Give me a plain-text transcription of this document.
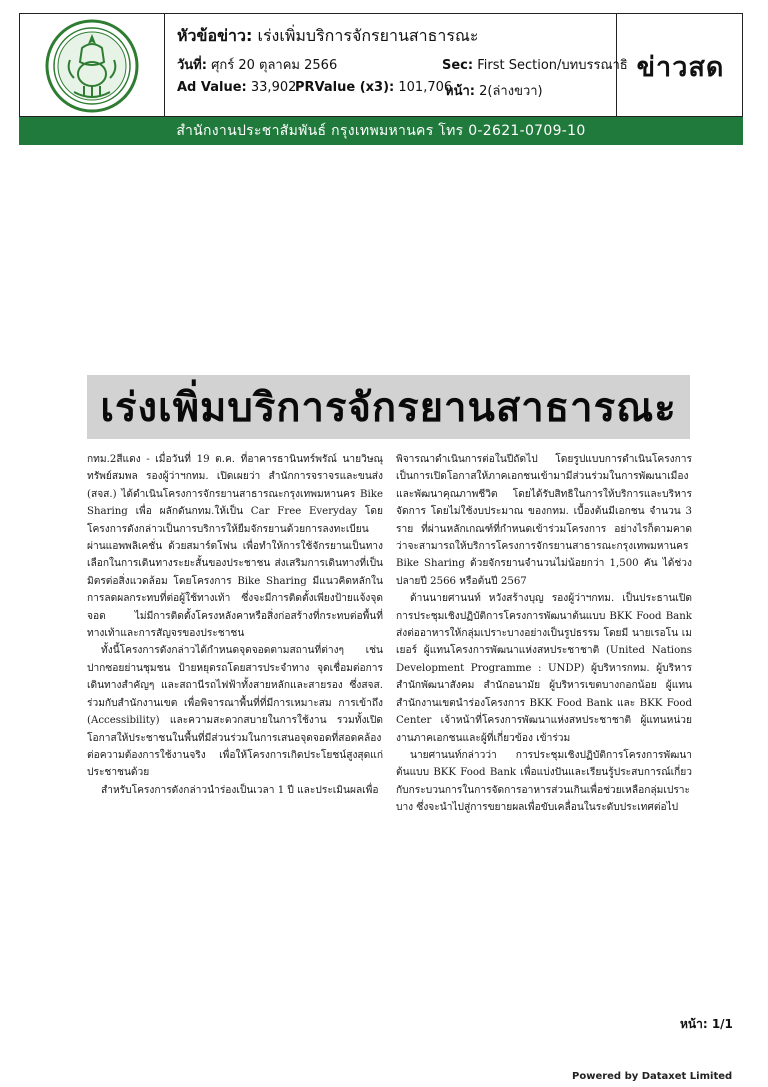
หัวข้อข่าว: เร่งเพิ่มบริการจักรยานสาธารณะ
วันที่: ศุกร์ 20 ตุลาคม 2566	Sec: First Section/บทบรรณาธิ
Ad Value: 33,902
PRValue (x3): 101,706
หน้า: 2(ล่างขวา)
ข่าวสด
สำนักงานประชาสัมพันธ์ กรุงเทพมหานคร โทร 0-2621-0709-10
เร่งเพิ่มบริการจักรยานสาธารณะ

กทม.2สีแดง - เมื่อวันที่ 19 ต.ค. ที่อาคารธานินทร์พรัณ์ นายวิษณุ ทรัพย์สมพล รองผู้ว่าฯกทม. เปิดเผยว่า สำนักการจราจรและขนส่ง (สจส.) ได้ดำเนินโครงการจักรยานสาธารณะกรุงเทพมหานคร Bike Sharing เพื่อ ผลักดันกทม.ให้เป็น Car Free Everyday โดยโครงการดังกล่าวเป็นการบริการให้ยืมจักรยานด้วยการลงทะเบียนผ่านแอพพลิเคชั่น ด้วยสมาร์ตโฟน เพื่อทำให้การใช้จักรยานเป็นทางเลือกในการเดินทางระยะสั้นของประชาชน ส่งเสริมการเดินทางที่เป็นมิตรต่อสิ่งแวดล้อม โดยโครงการ Bike Sharing มีแนวคิดหลักในการลดผลกระทบที่ต่อผู้ใช้ทางเท้า ซึ่งจะมีการติดตั้งเพียงป้ายแจ้งจุดจอด ไม่มีการติดตั้งโครงหลังคาหรือสิ่งก่อสร้างที่กระทบต่อพื้นที่ทางเท้าและการสัญจรของประชาชน

ทั้งนี้โครงการดังกล่าวได้กำหนดจุดจอดตามสถานที่ต่างๆ เช่น ปากซอยย่านชุมชน ป้ายหยุดรถโดยสารประจำทาง จุดเชื่อมต่อการเดินทางสำคัญๆ และสถานีรถไฟฟ้าทั้งสายหลักและสายรอง ซึ่งสจส. ร่วมกับสำนักงานเขต เพื่อพิจารณาพื้นที่ที่มีการเหมาะสม การเข้าถึง (Accessibility) และความสะดวกสบายในการใช้งาน รวมทั้งเปิดโอกาสให้ประชาชนในพื้นที่มีส่วนร่วมในการเสนอจุดจอดที่สอดคล้องต่อความต้องการใช้งานจริง เพื่อให้โครงการเกิดประโยชน์สูงสุดแก่ประชาชนด้วย

สำหรับโครงการดังกล่าวนำร่องเป็นเวลา 1 ปี และประเมินผลเพื่อ

พิจารณาดำเนินการต่อในปีถัดไป โดยรูปแบบการดำเนินโครงการเป็นการเปิดโอกาสให้ภาคเอกชนเข้ามามีส่วนร่วมในการพัฒนาเมืองและพัฒนาคุณภาพชีวิต โดยได้รับสิทธิในการให้บริการและบริหารจัดการ โดยไม่ใช้งบประมาณ ของกทม. เบื้องต้นมีเอกชน จำนวน 3 ราย ที่ผ่านหลักเกณฑ์ที่กำหนดเข้าร่วมโครงการ อย่างไรก็ตามคาดว่าจะสามารถให้บริการโครงการจักรยานสาธารณะกรุงเทพมหานคร Bike Sharing ด้วยจักรยานจำนวนไม่น้อยกว่า 1,500 คัน ได้ช่วงปลายปี 2566 หรือต้นปี 2567

ด้านนายศานนท์ หวังสร้างบุญ รองผู้ว่าฯกทม. เป็นประธานเปิดการประชุมเชิงปฏิบัติการโครงการพัฒนาต้นแบบ BKK Food Bank ส่งต่ออาหารให้กลุ่มเปราะบางอย่างเป็นรูปธรรม โดยมี นายเรอโน เมเยอร์ ผู้แทนโครงการพัฒนาแห่งสหประชาชาติ (United Nations Development Programme : UNDP) ผู้บริหารกทม. ผู้บริหารสำนักพัฒนาสังคม สำนักอนามัย ผู้บริหารเขตบางกอกน้อย ผู้แทนสำนักงานเขตนำร่องโครงการ BKK Food Bank และ BKK Food Center เจ้าหน้าที่โครงการพัฒนาแห่งสหประชาชาติ ผู้แทนหน่วยงานภาคเอกชนและผู้ที่เกี่ยวข้อง เข้าร่วม

นายศานนท์กล่าวว่า การประชุมเชิงปฏิบัติการโครงการพัฒนาต้นแบบ BKK Food Bank เพื่อแบ่งปันและเรียนรู้ประสบการณ์เกี่ยวกับกระบวนการในการจัดการอาหารส่วนเกินเพื่อช่วยเหลือกลุ่มเปราะบาง ซึ่งจะนำไปสู่การขยายผลเพื่อขับเคลื่อนในระดับประเทศต่อไป

หน้า: 1/1
Powered by Dataxet Limited
